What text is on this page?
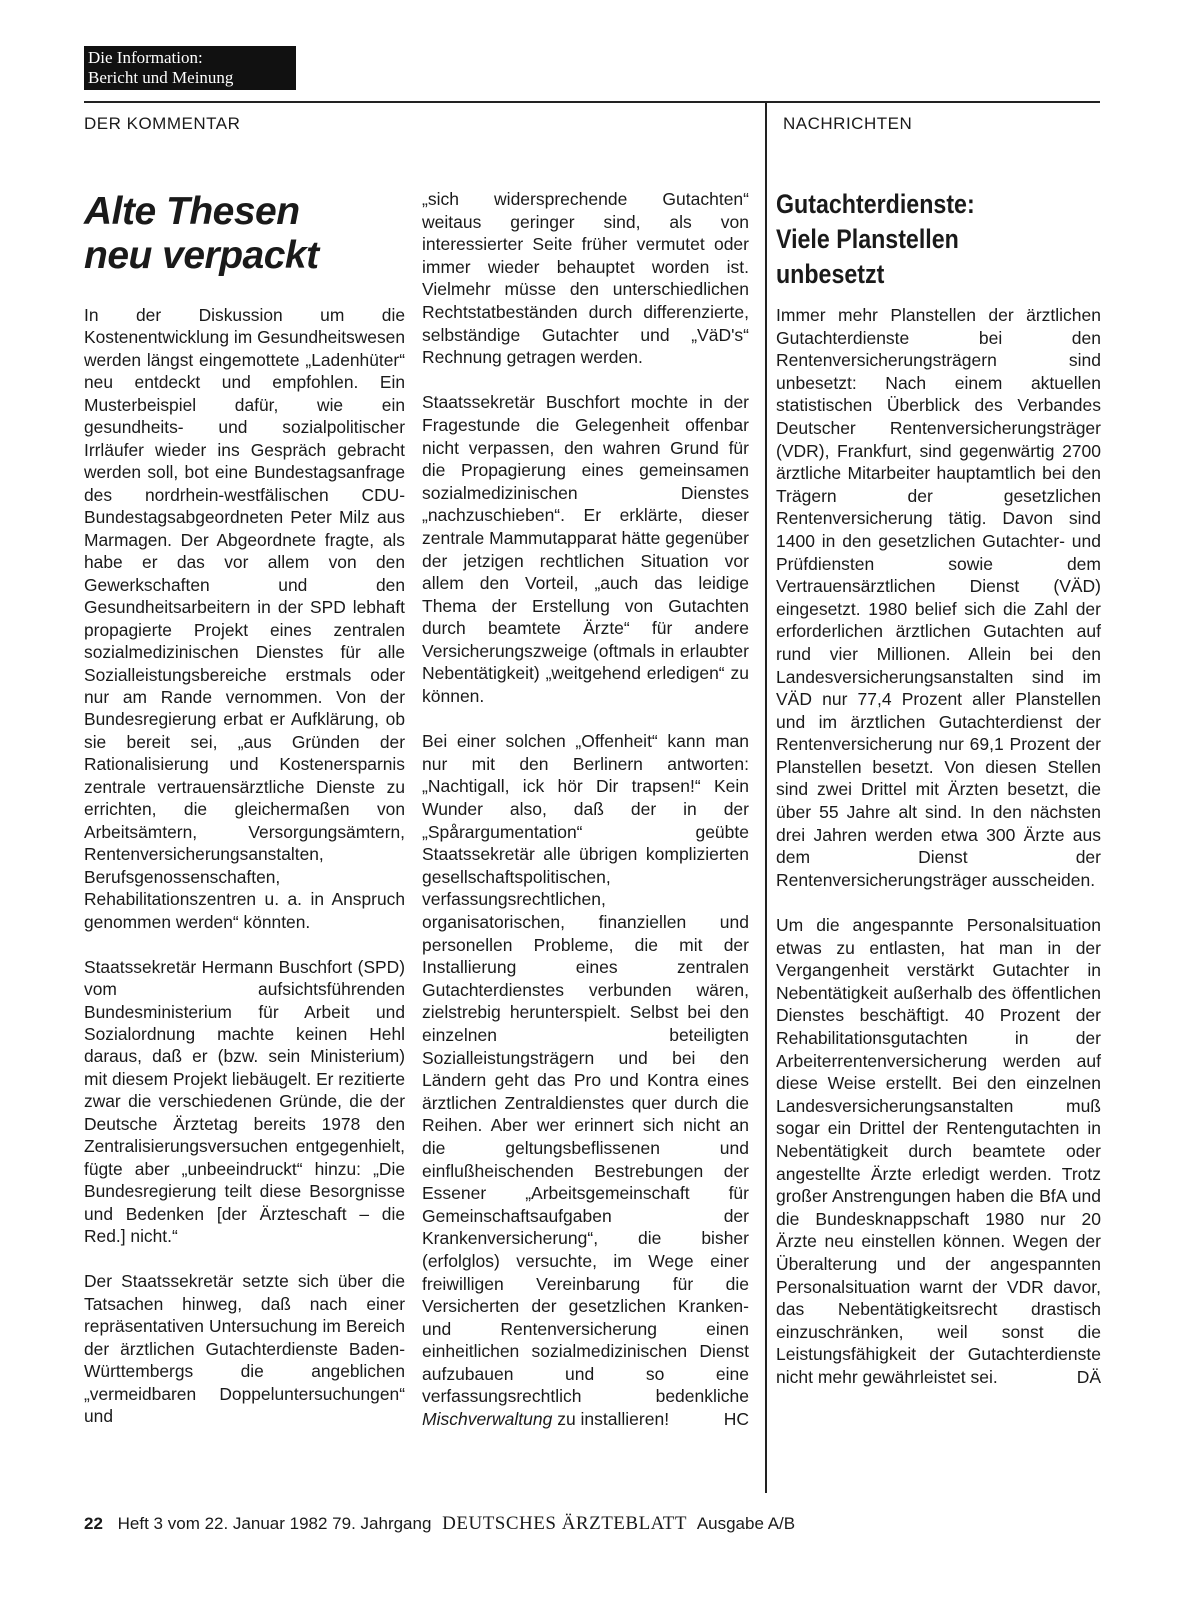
Die Information:
Bericht und Meinung
DER KOMMENTAR	NACHRICHTEN
Alte Thesen
neu verpackt

In der Diskussion um die Kostenentwicklung im Gesundheitswesen werden längst eingemottete „Ladenhüter“ neu entdeckt und empfohlen. Ein Musterbeispiel dafür, wie ein gesundheits- und sozialpolitischer Irrläufer wieder ins Gespräch gebracht werden soll, bot eine Bundestagsanfrage des nordrhein-westfälischen CDU-Bundestagsabgeordneten Peter Milz aus Marmagen. Der Abgeordnete fragte, als habe er das vor allem von den Gewerkschaften und den Gesundheitsarbeitern in der SPD lebhaft propagierte Projekt eines zentralen sozialmedizinischen Dienstes für alle Sozialleistungsbereiche erstmals oder nur am Rande vernommen. Von der Bundesregierung erbat er Aufklärung, ob sie bereit sei, „aus Gründen der Rationalisierung und Kostenersparnis zentrale vertrauensärztliche Dienste zu errichten, die gleichermaßen von Arbeitsämtern, Versorgungsämtern, Rentenversicherungsanstalten, Berufsgenossenschaften, Rehabilitationszentren u. a. in Anspruch genommen werden“ könnten.

Staatssekretär Hermann Buschfort (SPD) vom aufsichtsführenden Bundesministerium für Arbeit und Sozialordnung machte keinen Hehl daraus, daß er (bzw. sein Ministerium) mit diesem Projekt liebäugelt. Er rezitierte zwar die verschiedenen Gründe, die der Deutsche Ärztetag bereits 1978 den Zentralisierungsversuchen entgegenhielt, fügte aber „unbeeindruckt“ hinzu: „Die Bundesregierung teilt diese Besorgnisse und Bedenken [der Ärzteschaft – die Red.] nicht.“

Der Staatssekretär setzte sich über die Tatsachen hinweg, daß nach einer repräsentativen Untersuchung im Bereich der ärztlichen Gutachterdienste Baden-Württembergs die angeblichen „vermeidbaren Doppeluntersuchungen“ und

„sich widersprechende Gutachten“ weitaus geringer sind, als von interessierter Seite früher vermutet oder immer wieder behauptet worden ist. Vielmehr müsse den unterschiedlichen Rechtstatbeständen durch differenzierte, selbständige Gutachter und „VäD's“ Rechnung getragen werden.

Staatssekretär Buschfort mochte in der Fragestunde die Gelegenheit offenbar nicht verpassen, den wahren Grund für die Propagierung eines gemeinsamen sozialmedizinischen Dienstes „nachzuschieben“. Er erklärte, dieser zentrale Mammutapparat hätte gegenüber der jetzigen rechtlichen Situation vor allem den Vorteil, „auch das leidige Thema der Erstellung von Gutachten durch beamtete Ärzte“ für andere Versicherungszweige (oftmals in erlaubter Nebentätigkeit) „weitgehend erledigen“ zu können.

Bei einer solchen „Offenheit“ kann man nur mit den Berlinern antworten: „Nachtigall, ick hör Dir trapsen!“ Kein Wunder also, daß der in der „Spårargumentation“ geübte Staatssekretär alle übrigen komplizierten gesellschaftspolitischen, verfassungsrechtlichen, organisatorischen, finanziellen und personellen Probleme, die mit der Installierung eines zentralen Gutachterdienstes verbunden wären, zielstrebig herunterspielt. Selbst bei den einzelnen beteiligten Sozialleistungsträgern und bei den Ländern geht das Pro und Kontra eines ärztlichen Zentraldienstes quer durch die Reihen. Aber wer erinnert sich nicht an die geltungsbeflissenen und einflußheischenden Bestrebungen der Essener „Arbeitsgemeinschaft für Gemeinschaftsaufgaben der Krankenversicherung“, die bisher (erfolglos) versuchte, im Wege einer freiwilligen Vereinbarung für die Versicherten der gesetzlichen Kranken- und Rentenversicherung einen einheitlichen sozialmedizinischen Dienst aufzubauen und so eine verfassungsrechtlich bedenkliche Mischverwaltung zu installieren!	HC

Gutachterdienste:
Viele Planstellen
unbesetzt

Immer mehr Planstellen der ärztlichen Gutachterdienste bei den Rentenversicherungsträgern sind unbesetzt: Nach einem aktuellen statistischen Überblick des Verbandes Deutscher Rentenversicherungsträger (VDR), Frankfurt, sind gegenwärtig 2700 ärztliche Mitarbeiter hauptamtlich bei den Trägern der gesetzlichen Rentenversicherung tätig. Davon sind 1400 in den gesetzlichen Gutachter- und Prüfdiensten sowie dem Vertrauensärztlichen Dienst (VÄD) eingesetzt. 1980 belief sich die Zahl der erforderlichen ärztlichen Gutachten auf rund vier Millionen. Allein bei den Landesversicherungsanstalten sind im VÄD nur 77,4 Prozent aller Planstellen und im ärztlichen Gutachterdienst der Rentenversicherung nur 69,1 Prozent der Planstellen besetzt. Von diesen Stellen sind zwei Drittel mit Ärzten besetzt, die über 55 Jahre alt sind. In den nächsten drei Jahren werden etwa 300 Ärzte aus dem Dienst der Rentenversicherungsträger ausscheiden.

Um die angespannte Personalsituation etwas zu entlasten, hat man in der Vergangenheit verstärkt Gutachter in Nebentätigkeit außerhalb des öffentlichen Dienstes beschäftigt. 40 Prozent der Rehabilitationsgutachten in der Arbeiterrentenversicherung werden auf diese Weise erstellt. Bei den einzelnen Landesversicherungsanstalten muß sogar ein Drittel der Rentengutachten in Nebentätigkeit durch beamtete oder angestellte Ärzte erledigt werden. Trotz großer Anstrengungen haben die BfA und die Bundesknappschaft 1980 nur 20 Ärzte neu einstellen können. Wegen der Überalterung und der angespannten Personalsituation warnt der VDR davor, das Nebentätigkeitsrecht drastisch einzuschränken, weil sonst die Leistungsfähigkeit der Gutachterdienste nicht mehr gewährleistet sei.	DÄ

22 Heft 3 vom 22. Januar 1982 79. Jahrgang DEUTSCHES ÄRZTEBLATT Ausgabe A/B
